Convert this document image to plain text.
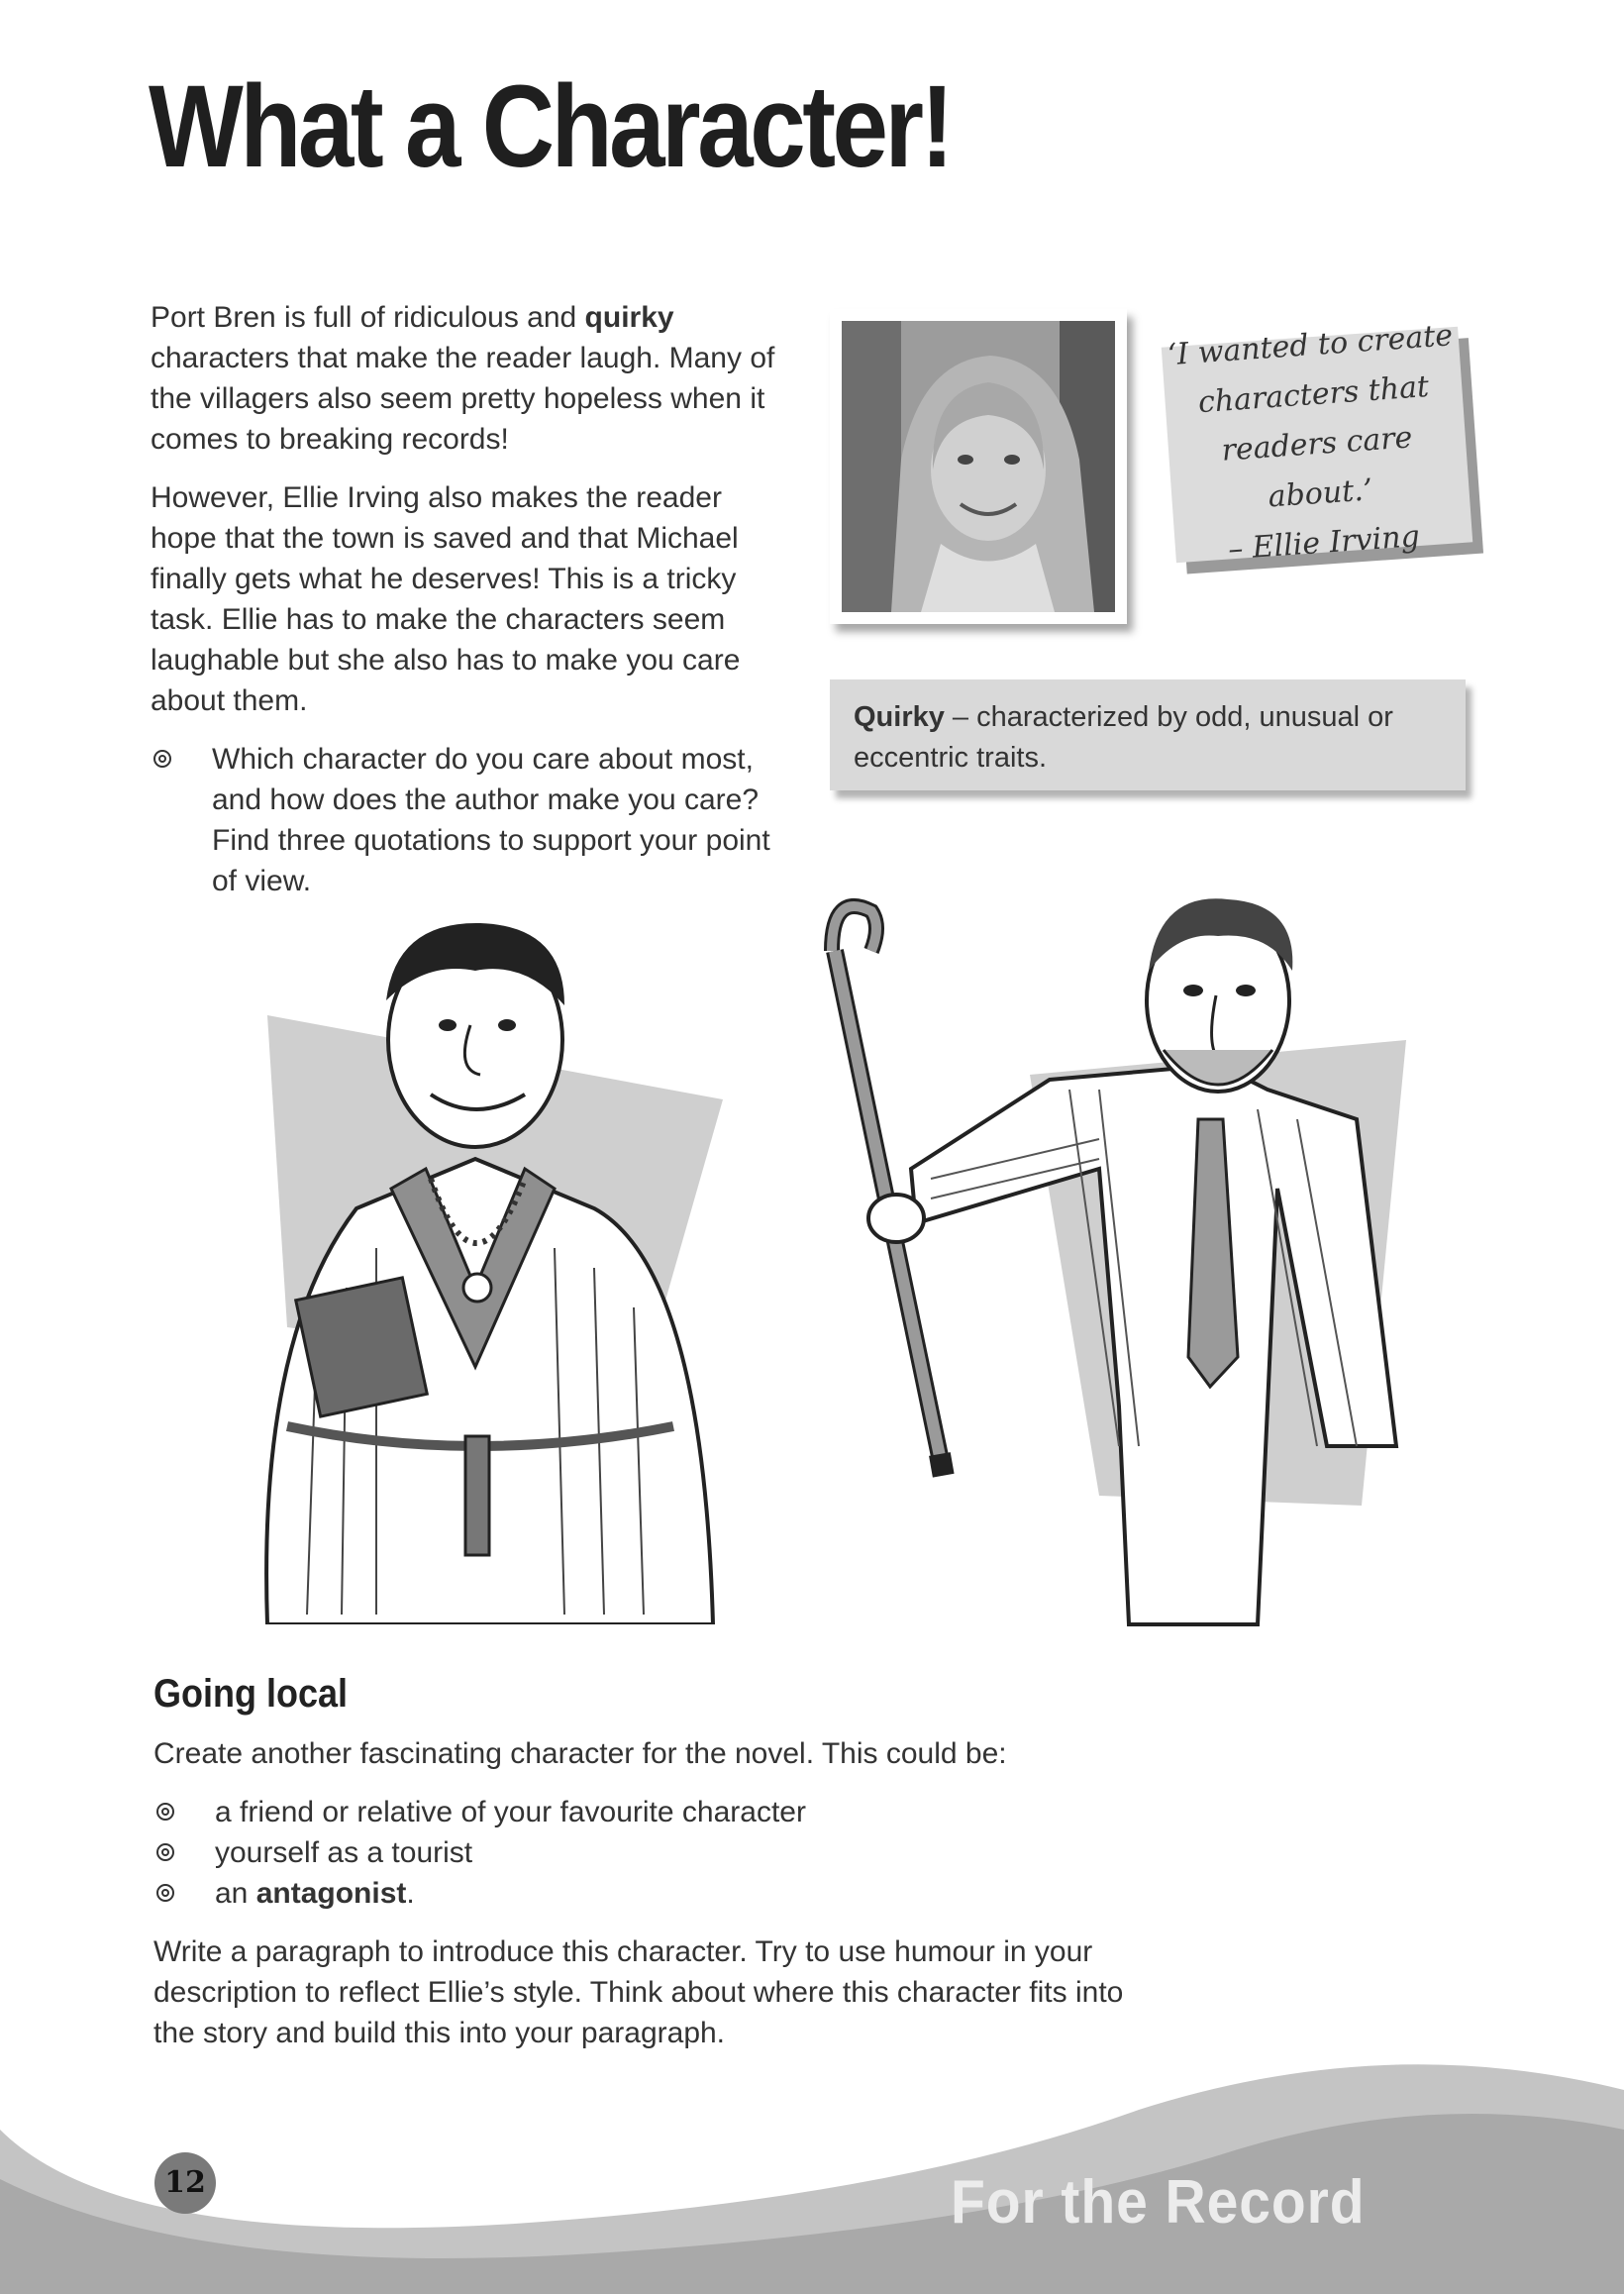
What a Character!

Port Bren is full of ridiculous and quirky characters that make the reader laugh. Many of the villagers also seem pretty hopeless when it comes to breaking records!

However, Ellie Irving also makes the reader hope that the town is saved and that Michael finally gets what he deserves! This is a tricky task. Ellie has to make the characters seem laughable but she also has to make you care about them.

Which character do you care about most, and how does the author make you care? Find three quotations to support your point of view.
‘I wanted to create
characters that
readers care about.’
– Ellie Irving
Quirky – characterized by odd, unusual or eccentric traits.
Going local

Create another fascinating character for the novel. This could be:

a friend or relative of your favourite character
yourself as a tourist
an antagonist.

Write a paragraph to introduce this character. Try to use humour in your description to reflect Ellie’s style. Think about where this character fits into the story and build this into your paragraph.

12	For the Record
